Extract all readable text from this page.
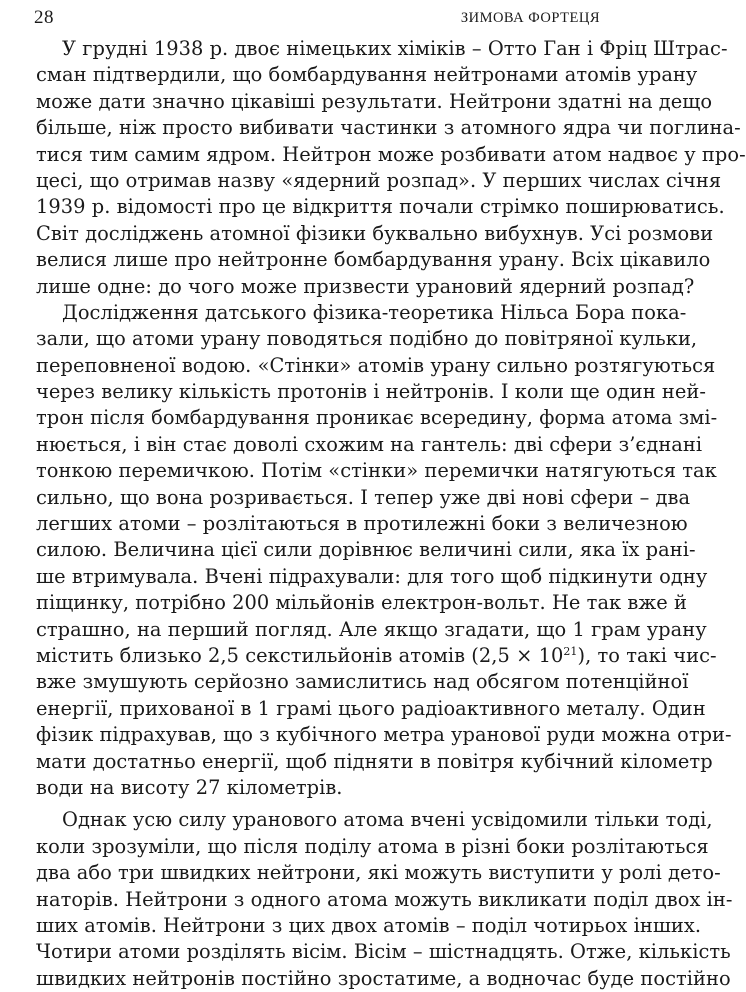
28	ЗИМОВА ФОРТЕЦЯ

У грудні 1938 р. двоє німецьких хіміків – Отто Ган і Фріц Штрас-
сман підтвердили, що бомбардування нейтронами атомів урану
може дати значно цікавіші результати. Нейтрони здатні на дещо
більше, ніж просто вибивати частинки з атомного ядра чи поглина-
тися тим самим ядром. Нейтрон може розбивати атом надвоє у про-
цесі, що отримав назву «ядерний розпад». У перших числах січня
1939 р. відомості про це відкриття почали стрімко поширюватись.
Світ досліджень атомної фізики буквально вибухнув. Усі розмови
велися лише про нейтронне бомбардування урану. Всіх цікавило
лише одне: до чого може призвести урановий ядерний розпад?

Дослідження датського фізика-теоретика Нільса Бора пока-
зали, що атоми урану поводяться подібно до повітряної кульки,
переповненої водою. «Стінки» атомів урану сильно розтягуються
через велику кількість протонів і нейтронів. І коли ще один ней-
трон після бомбардування проникає всередину, форма атома змі-
нюється, і він стає доволі схожим на гантель: дві сфери з’єднані
тонкою перемичкою. Потім «стінки» перемички натягуються так
сильно, що вона розривається. І тепер уже дві нові сфери – два
легших атоми – розлітаються в протилежні боки з величезною
силою. Величина цієї сили дорівнює величині сили, яка їх рані-
ше втримувала. Вчені підрахували: для того щоб підкинути одну
піщинку, потрібно 200 мільйонів електрон-вольт. Не так вже й
страшно, на перший погляд. Але якщо згадати, що 1 грам урану
містить близько 2,5 секстильйонів атомів $(2,5 \times 10^{21})$, то такі чис-
вже змушують серйозно замислитись над обсягом потенційної
енергії, прихованої в 1 грамі цього радіоактивного металу. Один
фізик підрахував, що з кубічного метра уранової руди можна отри-
мати достатньо енергії, щоб підняти в повітря кубічний кілометр
води на висоту 27 кілометрів.

Однак усю силу уранового атома вчені усвідомили тільки тоді,
коли зрозуміли, що після поділу атома в різні боки розлітаються
два або три швидких нейтрони, які можуть виступити у ролі дето-
наторів. Нейтрони з одного атома можуть викликати поділ двох ін-
ших атомів. Нейтрони з цих двох атомів – поділ чотирьох інших.
Чотири атоми розділять вісім. Вісім – шістнадцять. Отже, кількість
швидких нейтронів постійно зростатиме, а водночас буде постійно
